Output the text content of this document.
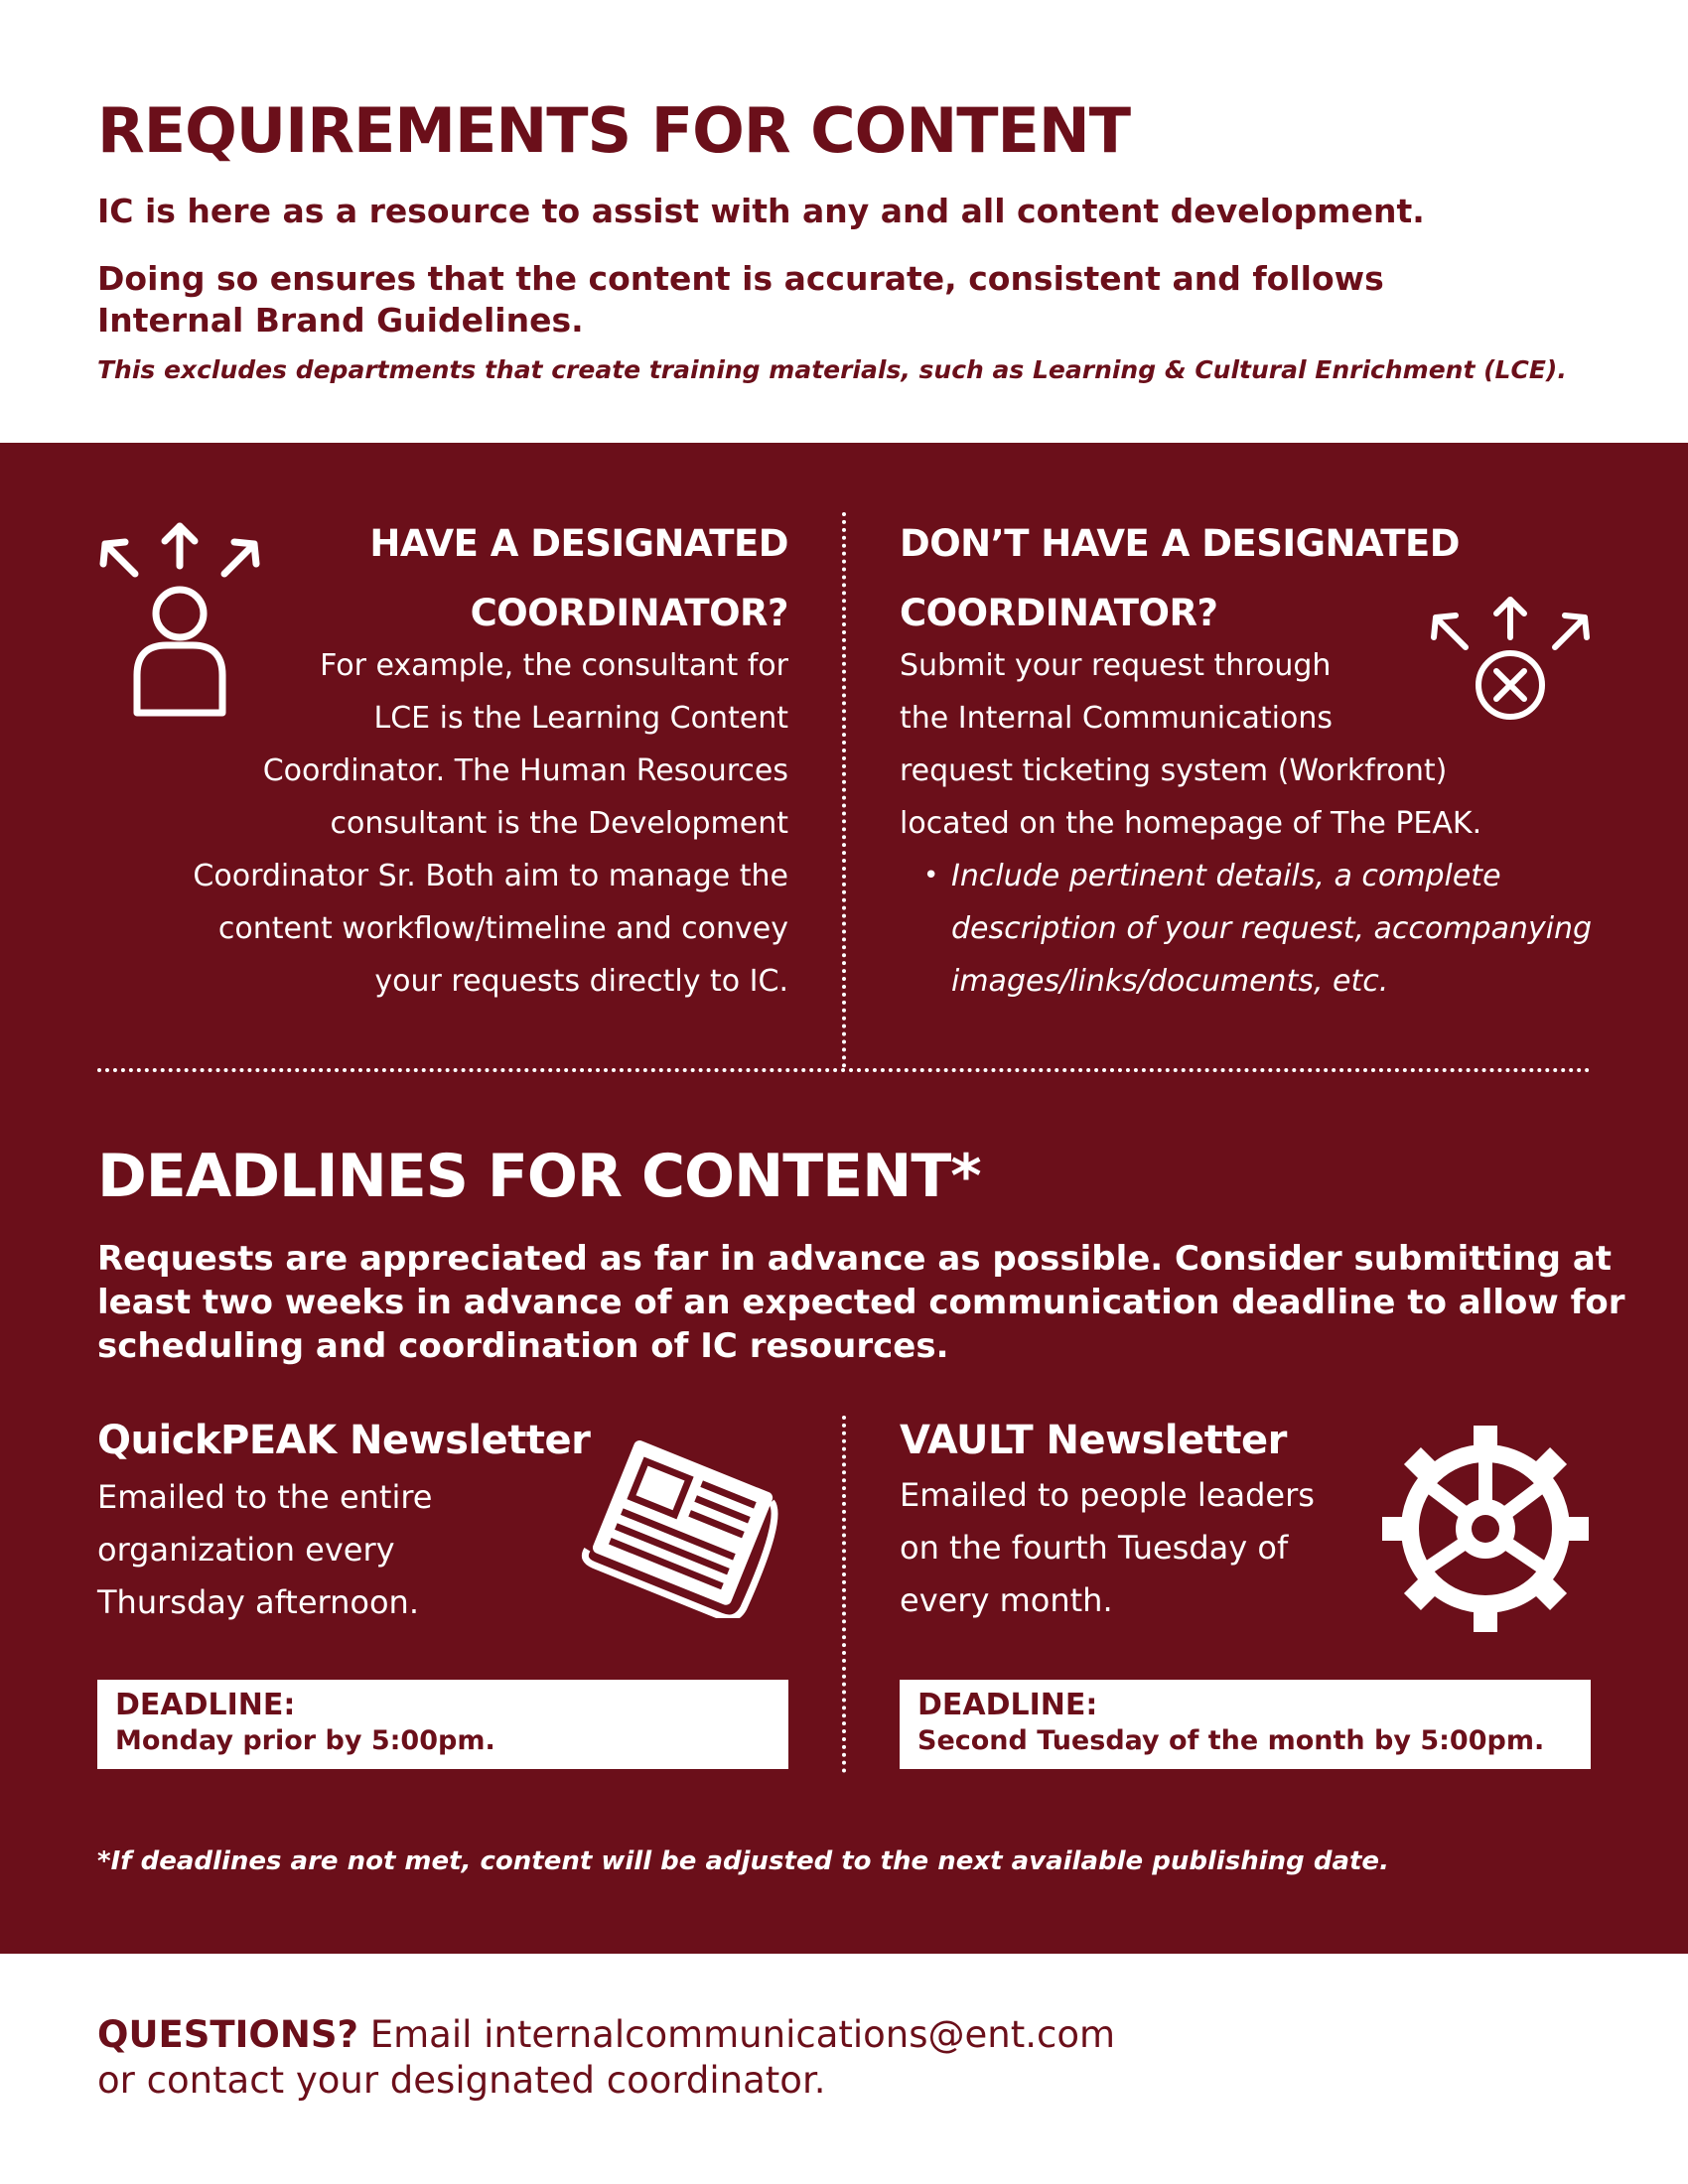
REQUIREMENTS FOR CONTENT

IC is here as a resource to assist with any and all content development.

Doing so ensures that the content is accurate, consistent and follows

Internal Brand Guidelines.

This excludes departments that create training materials, such as Learning & Cultural Enrichment (LCE).

HAVE A DESIGNATED
COORDINATOR?

For example, the consultant for

LCE is the Learning Content

Coordinator. The Human Resources

consultant is the Development

Coordinator Sr. Both aim to manage the

content workflow/timeline and convey

your requests directly to IC.

DON’T HAVE A DESIGNATED
COORDINATOR?

Submit your request through

the Internal Communications

request ticketing system (Workfront)

located on the homepage of The PEAK.

• Include pertinent details, a complete

description of your request, accompanying

images/links/documents, etc.

DEADLINES FOR CONTENT*

Requests are appreciated as far in advance as possible. Consider submitting at

least two weeks in advance of an expected communication deadline to allow for

scheduling and coordination of IC resources.

QuickPEAK Newsletter

Emailed to the entire

organization every

Thursday afternoon.

DEADLINE:

Monday prior by 5:00pm.

VAULT Newsletter

Emailed to people leaders

on the fourth Tuesday of

every month.

DEADLINE:

Second Tuesday of the month by 5:00pm.

*If deadlines are not met, content will be adjusted to the next available publishing date.

QUESTIONS? Email internalcommunications@ent.com

or contact your designated coordinator.
